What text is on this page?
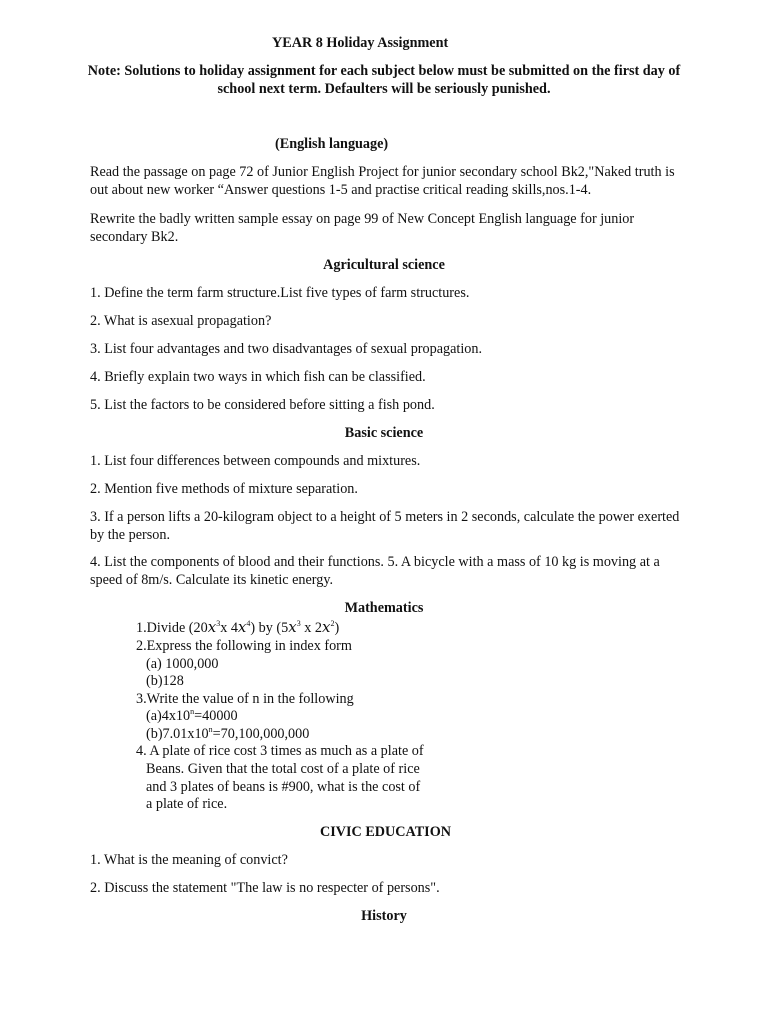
YEAR 8 Holiday Assignment
Note: Solutions to holiday assignment for each subject below must be submitted on the first day of
school next term. Defaulters will be seriously punished.
(English language)
Read the passage on page 72 of Junior English Project for junior secondary school Bk2,"Naked truth is
out about new worker “Answer questions 1-5 and practise critical reading skills,nos.1-4.
Rewrite the badly written sample essay on page 99 of New Concept English language for junior
secondary Bk2.
Agricultural science
1. Define the term farm structure.List five types of farm structures.
2. What is asexual propagation?
3. List four advantages and two disadvantages of sexual propagation.
4. Briefly explain two ways in which fish can be classified.
5. List the factors to be considered before sitting a fish pond.
Basic science
1. List four differences between compounds and mixtures.
2. Mention five methods of mixture separation.
3. If a person lifts a 20-kilogram object to a height of 5 meters in 2 seconds, calculate the power exerted
by the person.
4. List the components of blood and their functions. 5. A bicycle with a mass of 10 kg is moving at a
speed of 8m/s. Calculate its kinetic energy.
Mathematics
1.Divide ($20x^3x$ $4x^4$) by ($5x^3$ x $2x^2$)
2.Express the following in index form
(a) 1000,000
(b)128
3.Write the value of n in the following
$(a)4x10^n=40000$
$(b)7.01x10^n=70,100,000,000$
4. A plate of rice cost 3 times as much as a plate of
Beans. Given that the total cost of a plate of rice
and 3 plates of beans is #900, what is the cost of
a plate of rice.
CIVIC EDUCATION
1. What is the meaning of convict?
2. Discuss the statement "The law is no respecter of persons".
History
